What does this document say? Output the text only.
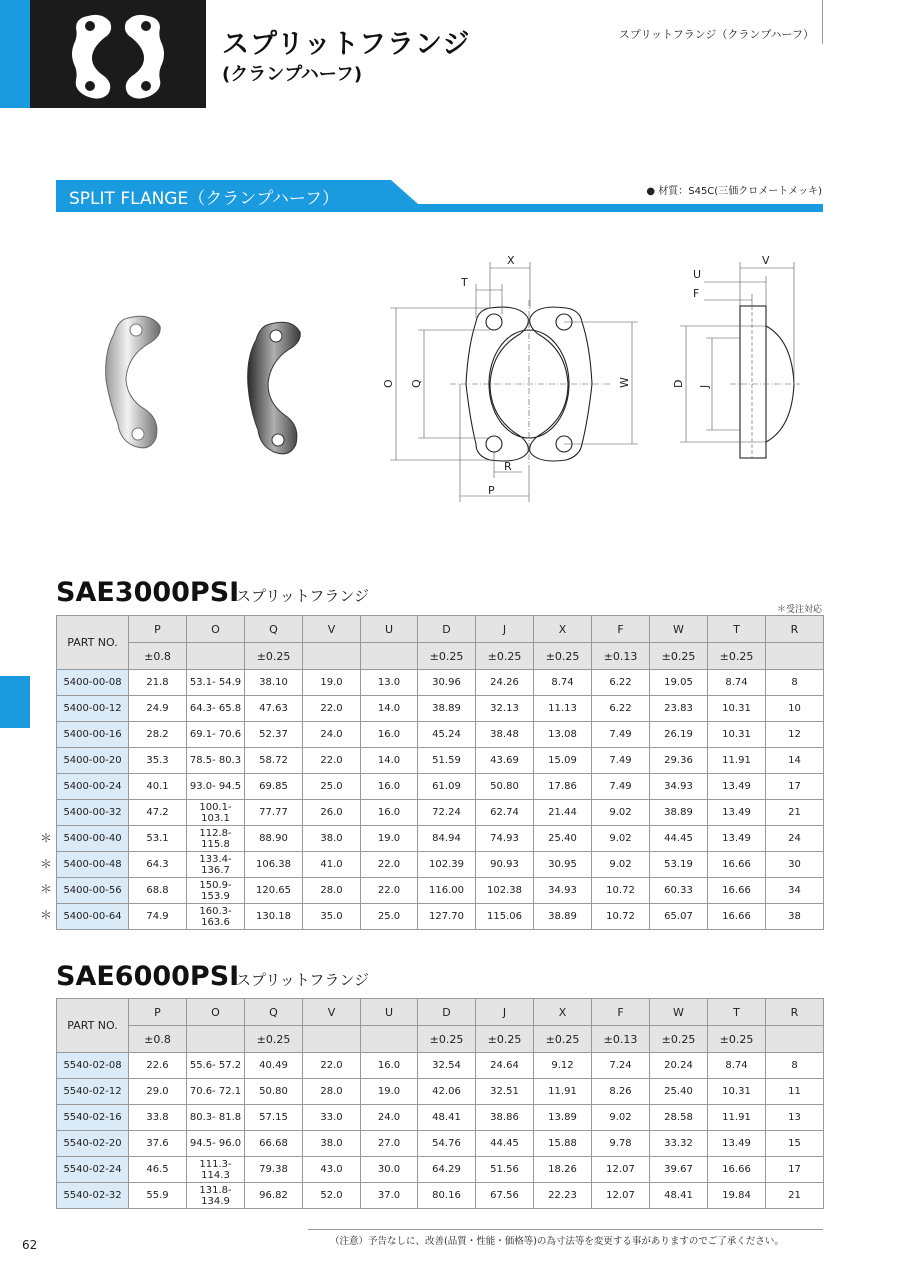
スプリットフランジ
(クランプハーフ)
スプリットフランジ（クランプハーフ）
SPLIT FLANGE（クランプハーフ）	● 材質：S45C(三価クロメートメッキ)
X
T
W
O Q
R
P
V
U
F
D J
SAE3000PSI
スプリットフランジ
＊受注対応
PART NO.	P	O	Q	V	U	D	J	X	F	W	T	R
	±0.8		±0.25			±0.25	±0.25	±0.25	±0.13	±0.25	±0.25	
5400-00-08	21.8	53.1- 54.9	38.10	19.0	13.0	30.96	24.26	8.74	6.22	19.05	8.74	8
5400-00-12	24.9	64.3- 65.8	47.63	22.0	14.0	38.89	32.13	11.13	6.22	23.83	10.31	10
5400-00-16	28.2	69.1- 70.6	52.37	24.0	16.0	45.24	38.48	13.08	7.49	26.19	10.31	12
5400-00-20	35.3	78.5- 80.3	58.72	22.0	14.0	51.59	43.69	15.09	7.49	29.36	11.91	14
5400-00-24	40.1	93.0- 94.5	69.85	25.0	16.0	61.09	50.80	17.86	7.49	34.93	13.49	17
5400-00-32	47.2	100.1-103.1	77.77	26.0	16.0	72.24	62.74	21.44	9.02	38.89	13.49	21
5400-00-40	53.1	112.8-115.8	88.90	38.0	19.0	84.94	74.93	25.40	9.02	44.45	13.49	24
5400-00-48	64.3	133.4-136.7	106.38	41.0	22.0	102.39	90.93	30.95	9.02	53.19	16.66	30
5400-00-56	68.8	150.9-153.9	120.65	28.0	22.0	116.00	102.38	34.93	10.72	60.33	16.66	34
5400-00-64	74.9	160.3-163.6	130.18	35.0	25.0	127.70	115.06	38.89	10.72	65.07	16.66	38
＊
＊
＊
＊
SAE6000PSI
スプリットフランジ
PART NO.	P	O	Q	V	U	D	J	X	F	W	T	R
	±0.8		±0.25			±0.25	±0.25	±0.25	±0.13	±0.25	±0.25	
5540-02-08	22.6	55.6- 57.2	40.49	22.0	16.0	32.54	24.64	9.12	7.24	20.24	8.74	8
5540-02-12	29.0	70.6- 72.1	50.80	28.0	19.0	42.06	32.51	11.91	8.26	25.40	10.31	11
5540-02-16	33.8	80.3- 81.8	57.15	33.0	24.0	48.41	38.86	13.89	9.02	28.58	11.91	13
5540-02-20	37.6	94.5- 96.0	66.68	38.0	27.0	54.76	44.45	15.88	9.78	33.32	13.49	15
5540-02-24	46.5	111.3-114.3	79.38	43.0	30.0	64.29	51.56	18.26	12.07	39.67	16.66	17
5540-02-32	55.9	131.8-134.9	96.82	52.0	37.0	80.16	67.56	22.23	12.07	48.41	19.84	21
（注意）予告なしに、改善(品質・性能・価格等)の為寸法等を変更する事がありますのでご了承ください。
62
